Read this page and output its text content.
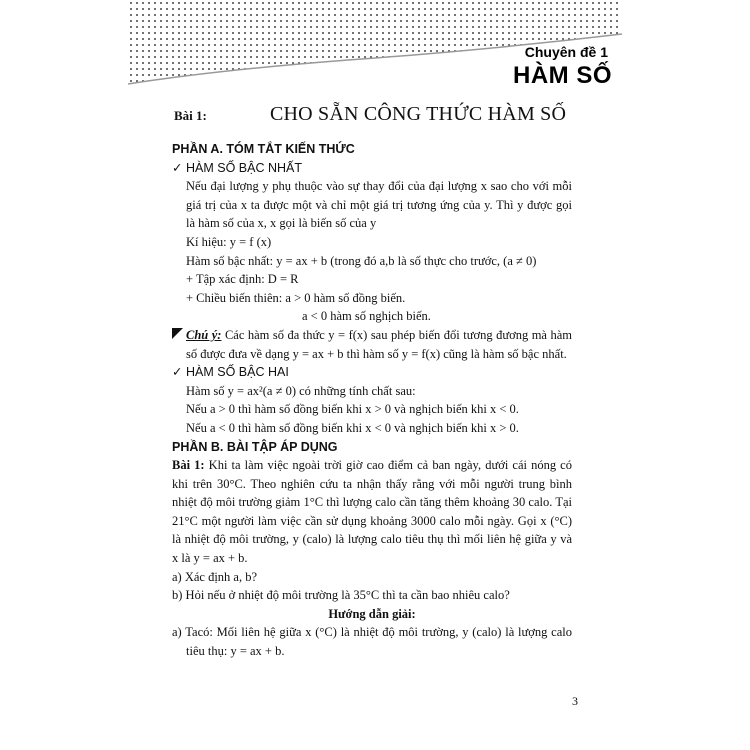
Chuyên đề 1
HÀM SỐ
Bài 1:	CHO SẴN CÔNG THỨC HÀM SỐ
PHẦN A. TÓM TẮT KIẾN THỨC
✓ HÀM SỐ BẬC NHẤT
Nếu đại lượng y phụ thuộc vào sự thay đổi của đại lượng x sao cho với mỗi giá trị của x ta được một và chỉ một giá trị tương ứng của y. Thì y được gọi là hàm số của x, x gọi là biến số của y
Kí hiệu: y = f (x)
Hàm số bậc nhất: y = ax + b (trong đó a,b là số thực cho trước, (a ≠ 0)
+ Tập xác định: D = R
+ Chiều biến thiên: a > 0 hàm số đồng biến.
a < 0 hàm số nghịch biến.
Chú ý: Các hàm số đa thức y = f(x) sau phép biến đổi tương đương mà hàm số được đưa về dạng y = ax + b thì hàm số y = f(x) cũng là hàm số bậc nhất.
✓ HÀM SỐ BẬC HAI
Hàm số y = ax²(a ≠ 0) có những tính chất sau:
Nếu a > 0 thì hàm số đồng biến khi x > 0 và nghịch biến khi x < 0.
Nếu a < 0 thì hàm số đồng biến khi x < 0 và nghịch biến khi x > 0.
PHẦN B. BÀI TẬP ÁP DỤNG
Bài 1: Khi ta làm việc ngoài trời giờ cao điểm cả ban ngày, dưới cái nóng có khi trên 30°C. Theo nghiên cứu ta nhận thấy rằng với mỗi người trung bình nhiệt độ môi trường giảm 1°C thì lượng calo cần tăng thêm khoảng 30 calo. Tại 21°C một người làm việc cần sử dụng khoảng 3000 calo mỗi ngày. Gọi x (°C) là nhiệt độ môi trường, y (calo) là lượng calo tiêu thụ thì mối liên hệ giữa y và x là y = ax + b.
a) Xác định a, b?
b) Hỏi nếu ở nhiệt độ môi trường là 35°C thì ta cần bao nhiêu calo?
Hướng dẫn giải:
a) Tacó: Mối liên hệ giữa x (°C) là nhiệt độ môi trường, y (calo) là lượng calo tiêu thụ: y = ax + b.
3
